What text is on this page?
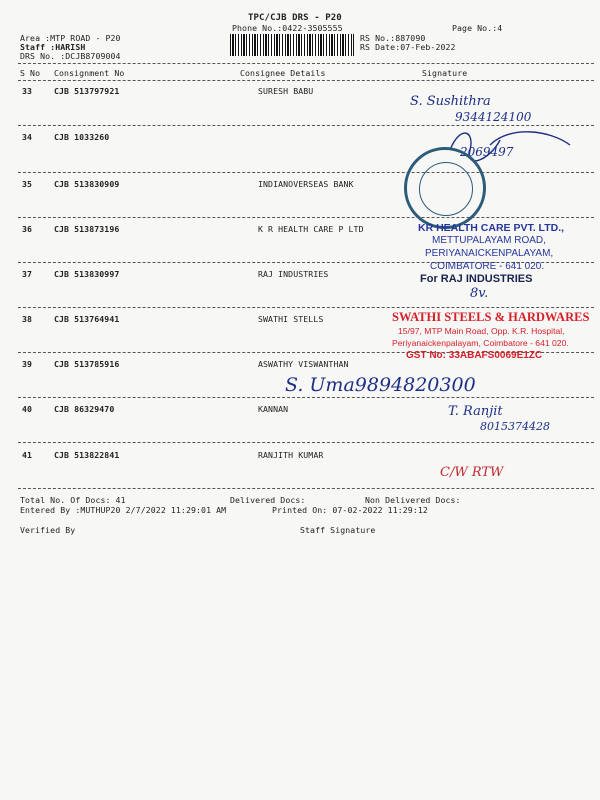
TPC/CJB DRS - P20
Phone No.:0422-3505555	Page No.:4
Area :MTP ROAD - P20
Staff :HARISH
DRS No. :DCJB8709004
RS No.:887090
RS Date:07-Feb-2022
S No Consignment No	Consignee Details	Signature
33	CJB 513797921	SURESH BABU
34	CJB 1033260
35	CJB 513830909	INDIANOVERSEAS BANK
36	CJB 513873196	K R HEALTH CARE P LTD
37	CJB 513830997	RAJ INDUSTRIES
38	CJB 513764941	SWATHI STELLS
39	CJB 513785916	ASWATHY VISWANTHAN
40	CJB 86329470	KANNAN
41	CJB 513822841	RANJITH KUMAR
S. Sushithra
9344124100
2069497
KR HEALTH CARE PVT. LTD.,
METTUPALAYAM ROAD,
PERIYANAICKENPALAYAM,
COIMBATORE - 641 020.
For RAJ INDUSTRIES
8v.
SWATHI STEELS & HARDWARES
15/97, MTP Main Road, Opp. K.R. Hospital,
Periyanaickenpalayam, Coimbatore - 641 020.
GST No: 33ABAFS0069E1ZC
S. Uma9894820300
T. Ranjit
8015374428
C/W RTW
Total No. Of Docs: 41	Delivered Docs:	Non Delivered Docs:
Entered By :MUTHUP20 2/7/2022 11:29:01 AM	Printed On: 07-02-2022 11:29:12
Verified By	Staff Signature
